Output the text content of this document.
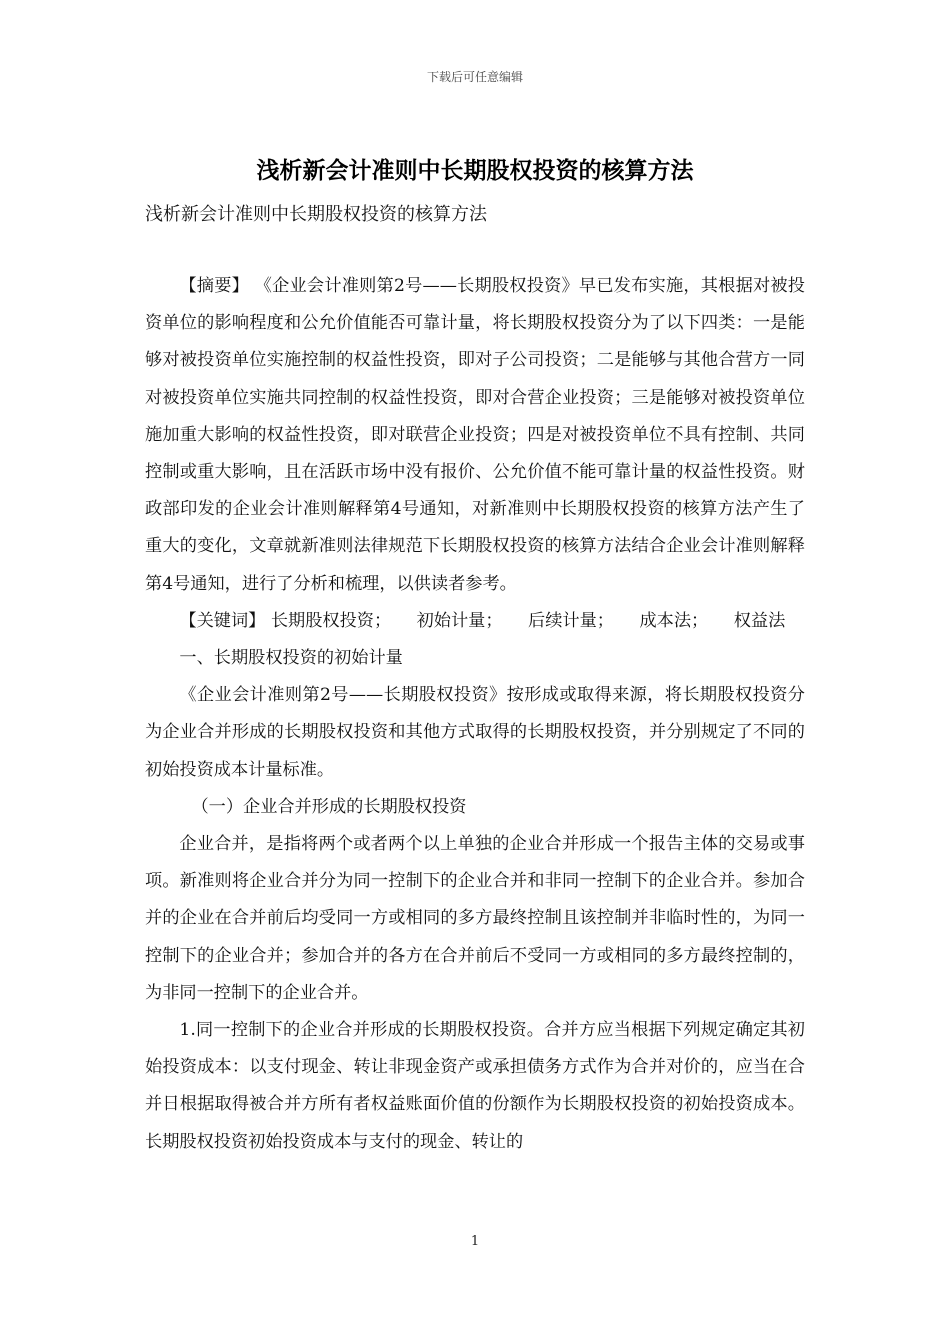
下载后可任意编辑
浅析新会计准则中长期股权投资的核算方法
浅析新会计准则中长期股权投资的核算方法

【摘要】 《企业会计准则第2号——长期股权投资》早已发布实施，其根据对被投资单位的影响程度和公允价值能否可靠计量，将长期股权投资分为了以下四类：一是能够对被投资单位实施控制的权益性投资，即对子公司投资；二是能够与其他合营方一同对被投资单位实施共同控制的权益性投资，即对合营企业投资；三是能够对被投资单位施加重大影响的权益性投资，即对联营企业投资；四是对被投资单位不具有控制、共同控制或重大影响，且在活跃市场中没有报价、公允价值不能可靠计量的权益性投资。财政部印发的企业会计准则解释第4号通知，对新准则中长期股权投资的核算方法产生了重大的变化，文章就新准则法律规范下长期股权投资的核算方法结合企业会计准则解释第4号通知，进行了分析和梳理，以供读者参考。

【关键词】 长期股权投资； 初始计量； 后续计量； 成本法； 权益法

一、长期股权投资的初始计量

《企业会计准则第2号——长期股权投资》按形成或取得来源，将长期股权投资分为企业合并形成的长期股权投资和其他方式取得的长期股权投资，并分别规定了不同的初始投资成本计量标准。

（一）企业合并形成的长期股权投资

企业合并，是指将两个或者两个以上单独的企业合并形成一个报告主体的交易或事项。新准则将企业合并分为同一控制下的企业合并和非同一控制下的企业合并。参加合并的企业在合并前后均受同一方或相同的多方最终控制且该控制并非临时性的，为同一控制下的企业合并；参加合并的各方在合并前后不受同一方或相同的多方最终控制的，为非同一控制下的企业合并。

1.同一控制下的企业合并形成的长期股权投资。合并方应当根据下列规定确定其初始投资成本：以支付现金、转让非现金资产或承担债务方式作为合并对价的，应当在合并日根据取得被合并方所有者权益账面价值的份额作为长期股权投资的初始投资成本。长期股权投资初始投资成本与支付的现金、转让的

1
